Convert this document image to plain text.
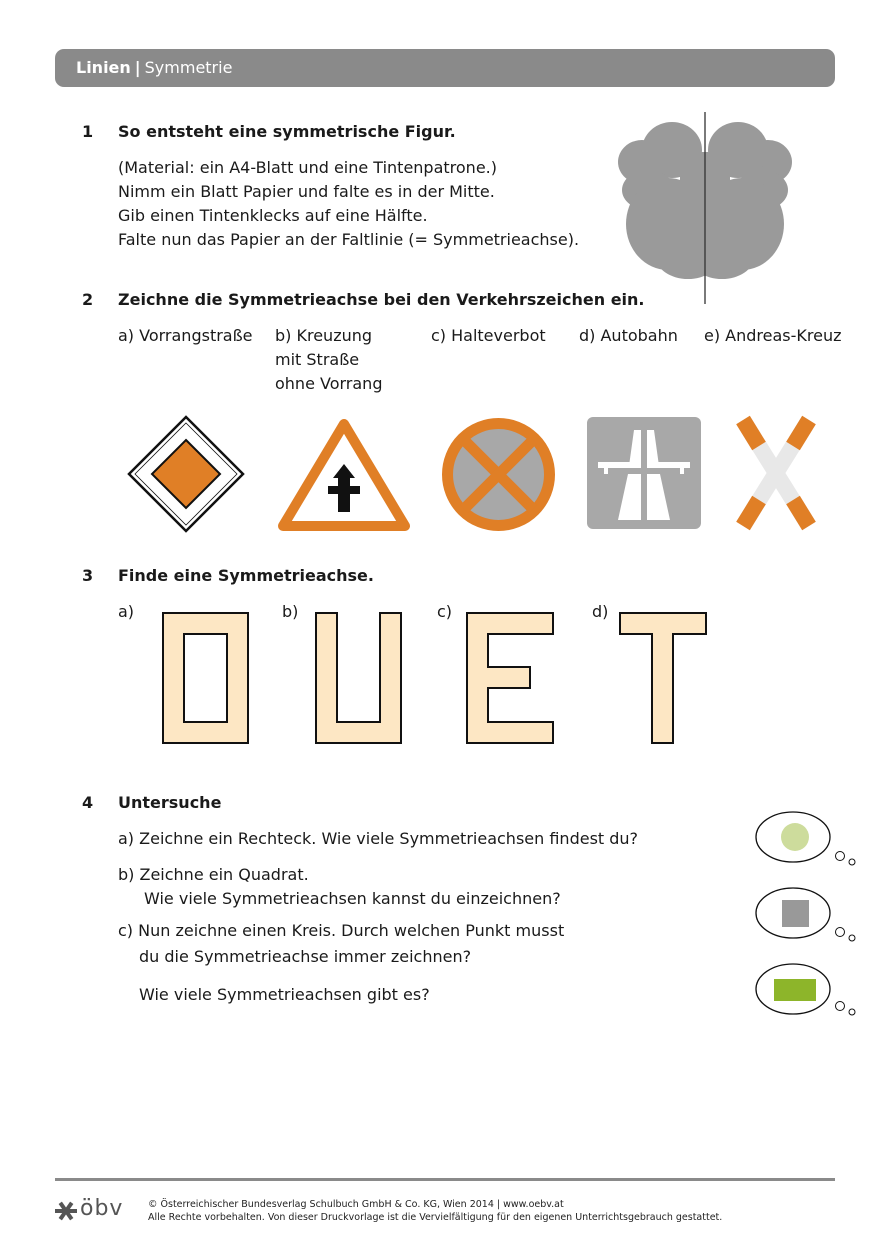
Linien | Symmetrie
1 So entsteht eine symmetrische Figur.
(Material: ein A4-Blatt und eine Tintenpatrone.)
Nimm ein Blatt Papier und falte es in der Mitte.
Gib einen Tintenklecks auf eine Hälfte.
Falte nun das Papier an der Faltlinie (= Symmetrieachse).
2 Zeichne die Symmetrieachse bei den Verkehrszeichen ein.
a) Vorrangstraße b) Kreuzung
mit Straße
ohne Vorrang
c) Halteverbot d) Autobahn e) Andreas-Kreuz
3 Finde eine Symmetrieachse.
a)	b)	c)	d)
4 Untersuche
a) Zeichne ein Rechteck. Wie viele Symmetrieachsen findest du?
b) Zeichne ein Quadrat.
Wie viele Symmetrieachsen kannst du einzeichnen?
c) Nun zeichne einen Kreis. Durch welchen Punkt musst
du die Symmetrieachse immer zeichnen?
Wie viele Symmetrieachsen gibt es?
öbv	© Österreichischer Bundesverlag Schulbuch GmbH & Co. KG, Wien 2014 | www.oebv.at
Alle Rechte vorbehalten. Von dieser Druckvorlage ist die Vervielfältigung für den eigenen Unterrichtsgebrauch gestattet.
